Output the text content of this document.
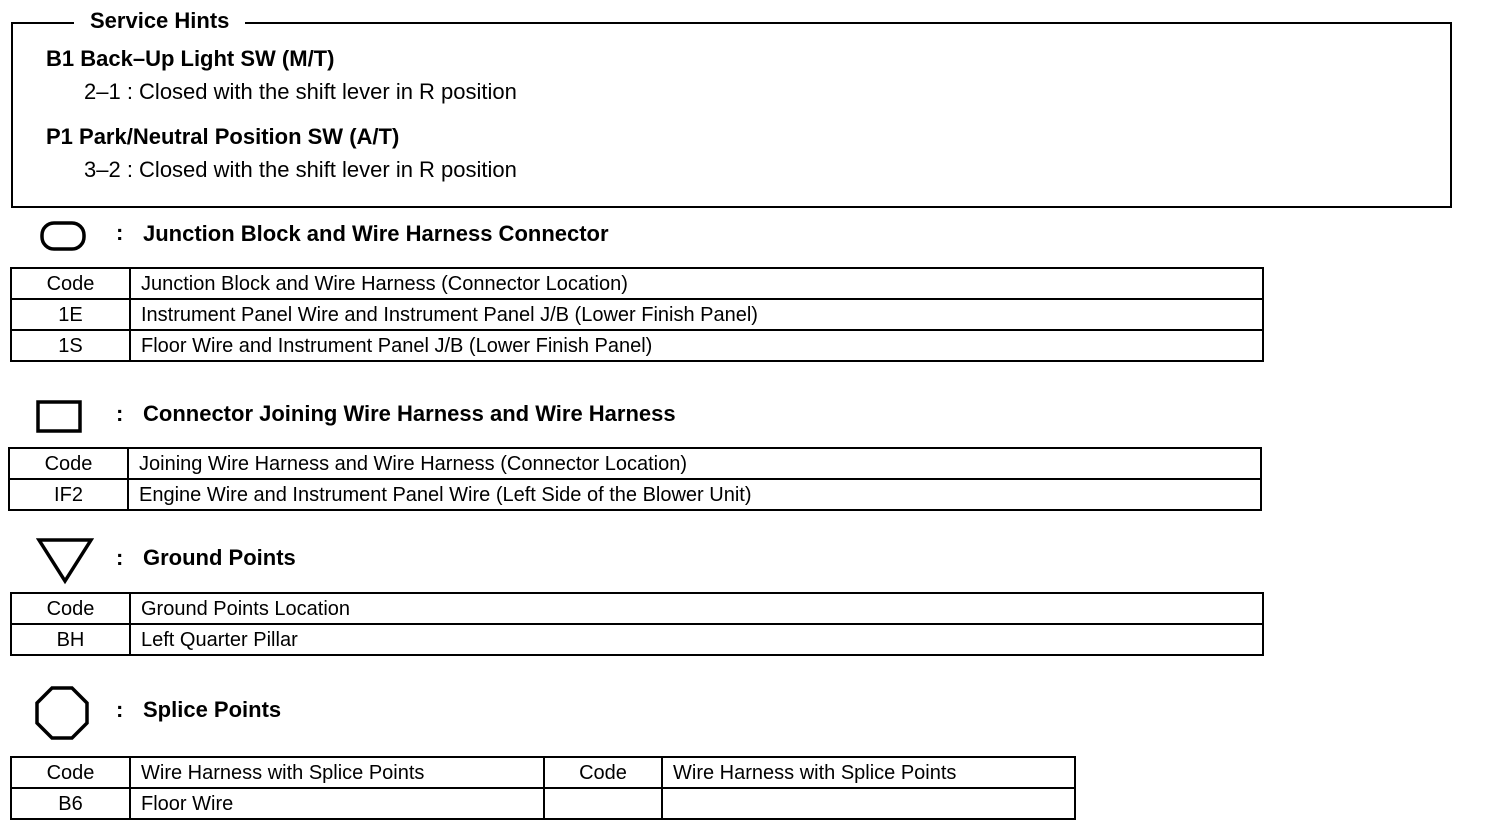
Service Hints
B1 Back–Up Light SW (M/T)
2–1 : Closed with the shift lever in R position
P1 Park/Neutral Position SW (A/T)
3–2 : Closed with the shift lever in R position
: Junction Block and Wire Harness Connector
Code	Junction Block and Wire Harness (Connector Location)
1E	Instrument Panel Wire and Instrument Panel J/B (Lower Finish Panel)
1S	Floor Wire and Instrument Panel J/B (Lower Finish Panel)
: Connector Joining Wire Harness and Wire Harness
Code	Joining Wire Harness and Wire Harness (Connector Location)
IF2	Engine Wire and Instrument Panel Wire (Left Side of the Blower Unit)
: Ground Points
Code	Ground Points Location
BH	Left Quarter Pillar
: Splice Points
Code	Wire Harness with Splice Points	Code	Wire Harness with Splice Points
B6	Floor Wire		
